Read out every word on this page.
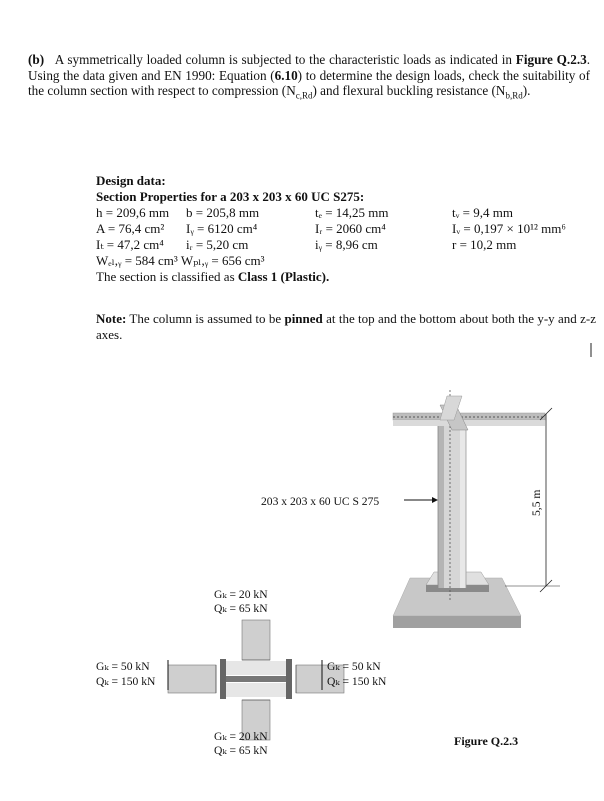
(b) A symmetrically loaded column is subjected to the characteristic loads as indicated in Figure Q.2.3. Using the data given and EN 1990: Equation (6.10) to determine the design loads, check the suitability of the column section with respect to compression $(N_{c,Rd})$ and flexural buckling resistance $(N_{b,Rd})$.
Design data:
Section Properties for a 203 x 203 x 60 UC S275:
h = 209,6 mm b = 205,8 mm	tₑ = 14,25 mm	tᵥ = 9,4 mm
A = 76,4 cm² Iᵧ = 6120 cm⁴	Iᵣ = 2060 cm⁴	Iᵥ = 0,197 × 10¹² mm⁶
Iₜ = 47,2 cm⁴ iᵣ = 5,20 cm	iᵧ = 8,96 cm	r = 10,2 mm
Wₑₗ,ᵧ = 584 cm³ Wₚₗ,ᵧ = 656 cm³
The section is classified as Class 1 (Plastic).
Note: The column is assumed to be pinned at the top and the bottom about both the y-y and z-z axes.
203 x 203 x 60 UC S 275	5,5 m
Gₖ = 20 kN
Qₖ = 65 kN
Gₖ = 50 kN
Qₖ = 150 kN
Gₖ = 50 kN
Qₖ = 150 kN
Gₖ = 20 kN
Qₖ = 65 kN
Figure Q.2.3
